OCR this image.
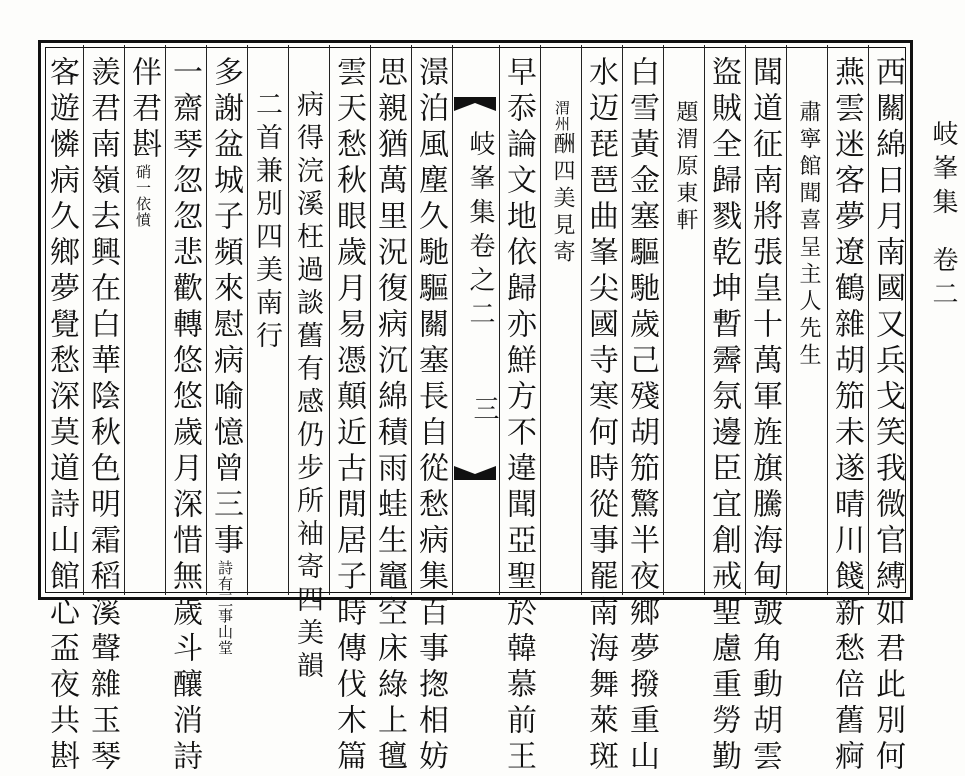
岐峯集卷二
西關綿日月南國又兵戈笑我微官縛如君此別何
燕雲迷客夢遼鶴雜胡笳未遂晴川餞新愁倍舊痾
肅寧館聞喜呈主人先生
聞道征南將張皇十萬軍旌旗騰海甸皷角動胡雲
盜賊全歸戮乾坤暫霽氛邊臣宜創戒聖慮重勞勤
題渭原東軒
白雪黃金塞驅馳歲己殘胡笳驚半夜鄉夢撥重山
水迈琵琶曲峯尖國寺寒何時從事罷南海舞萊斑
渭州酬四美見寄
早忝論文地依歸亦鮮方不違聞亞聖於韓慕前王
岐峯集卷之二
三
澋泊風塵久馳驅關塞長自從愁病集百事揔相妨
思親猶萬里況復病沉綿積雨蛙生竈空床綠上氊
雲天愁秋眼歲月易憑顛近古閒居子時傳伐木篇
病得浣溪枉過談舊有感仍步所袖寄四美韻
二首兼別四美南行
多謝盆城子頻來慰病喻憶曾三事詩有三事山堂
一齋琴忽忽悲歡轉悠悠歲月深惜無歲斗釀消詩
伴君斟硝一依憤
羨君南嶺去興在白華陰秋色明霜稻溪聲雜玉琴
客遊憐病久鄉夢覺愁深莫道詩山館心盃夜共斟
